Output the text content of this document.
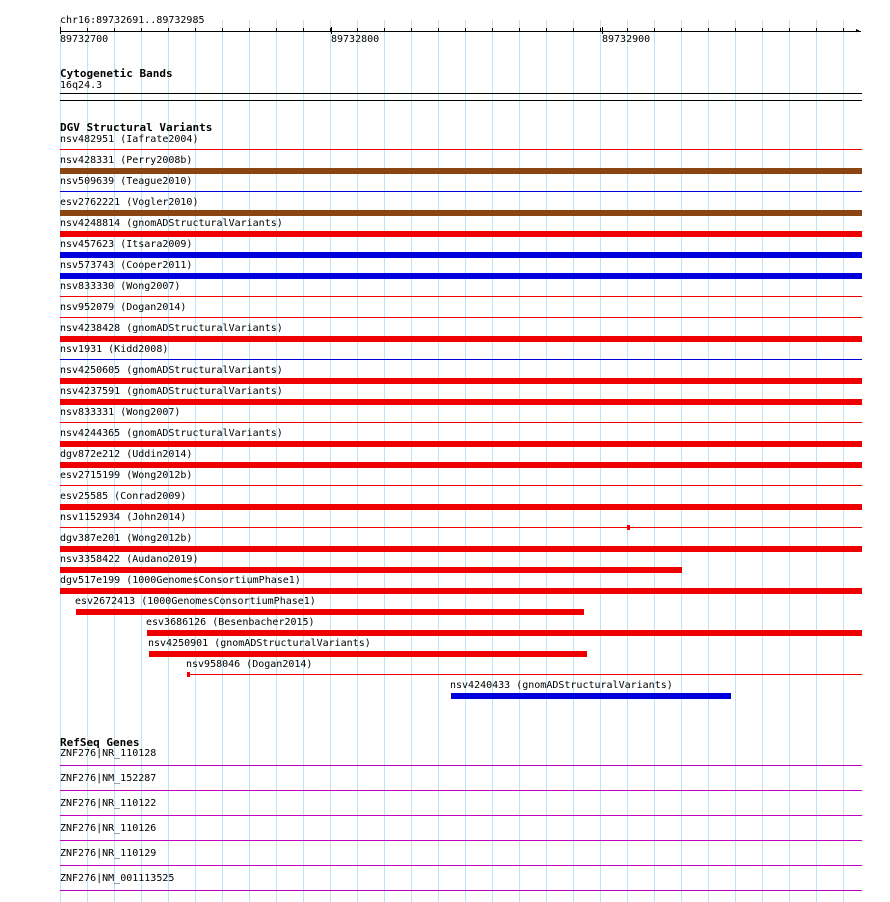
chr16:89732691..89732985
▸
89732700	89732800	89732900
Cytogenetic Bands
16q24.3
DGV Structural Variants
nsv482951 (Iafrate2004)
nsv428331 (Perry2008b)
nsv509639 (Teague2010)
esv2762221 (Vogler2010)
nsv4248814 (gnomADStructuralVariants)
nsv457623 (Itsara2009)
nsv573743 (Cooper2011)
nsv833330 (Wong2007)
nsv952079 (Dogan2014)
nsv4238428 (gnomADStructuralVariants)
nsv1931 (Kidd2008)
nsv4250605 (gnomADStructuralVariants)
nsv4237591 (gnomADStructuralVariants)
nsv833331 (Wong2007)
nsv4244365 (gnomADStructuralVariants)
dgv872e212 (Uddin2014)
esv2715199 (Wong2012b)
esv25585 (Conrad2009)
nsv1152934 (John2014)
dgv387e201 (Wong2012b)
nsv3358422 (Audano2019)
dgv517e199 (1000GenomesConsortiumPhase1)
esv2672413 (1000GenomesConsortiumPhase1)
esv3686126 (Besenbacher2015)
nsv4250901 (gnomADStructuralVariants)
nsv958046 (Dogan2014)
nsv4240433 (gnomADStructuralVariants)
RefSeq Genes
ZNF276|NR_110128
ZNF276|NM_152287
ZNF276|NR_110122
ZNF276|NR_110126
ZNF276|NR_110129
ZNF276|NM_001113525
